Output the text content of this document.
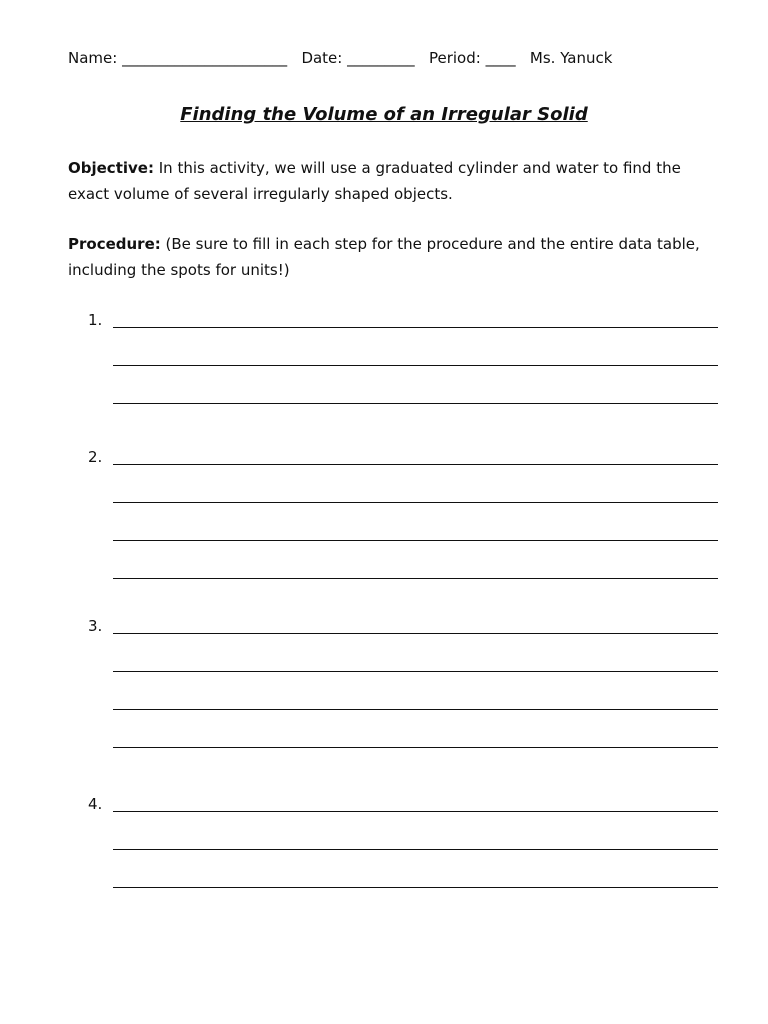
Name: ______________________ Date: _________ Period: ____ Ms. Yanuck
Finding the Volume of an Irregular Solid
Objective: In this activity, we will use a graduated cylinder and water to find the exact volume of several irregularly shaped objects.
Procedure: (Be sure to fill in each step for the procedure and the entire data table, including the spots for units!)
1.
2.
3.
4.
